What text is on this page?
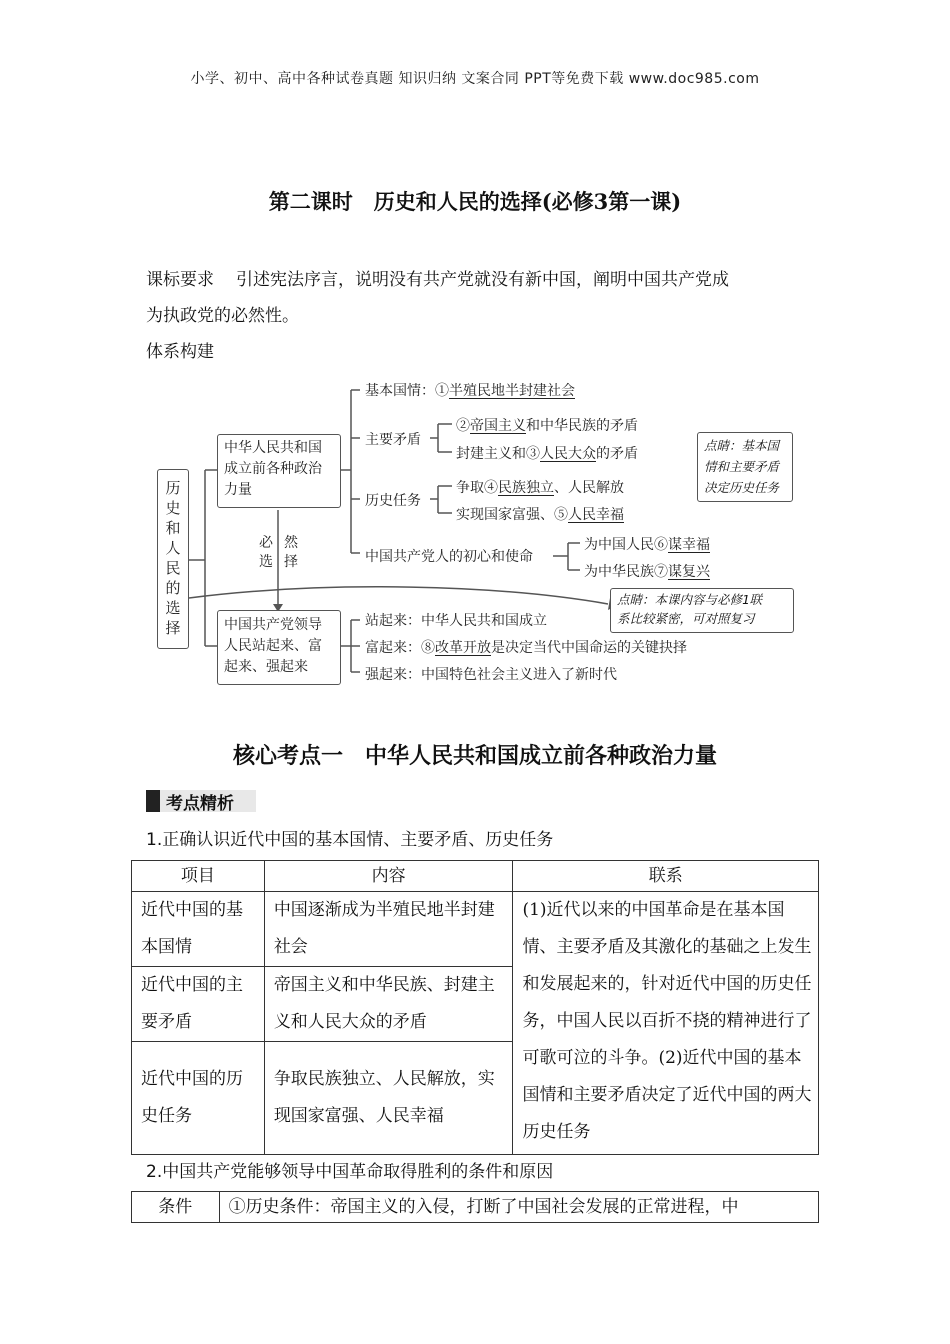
小学、初中、高中各种试卷真题 知识归纳 文案合同 PPT等免费下载 www.doc985.com
第二课时　历史和人民的选择(必修3第一课)
课标要求 引述宪法序言，说明没有共产党就没有新中国，阐明中国共产党成
为执政党的必然性。
体系构建
历
史
和
人
民
的
选
择
中华人民共和国
成立前各种政治
力量
必
选
然
择
中国共产党领导
人民站起来、富
起来、强起来
基本国情：①半殖民地半封建社会
主要矛盾
②帝国主义和中华民族的矛盾
封建主义和③人民大众的矛盾
历史任务
争取④民族独立、人民解放
实现国家富强、⑤人民幸福
中国共产党人的初心和使命
为中国人民⑥谋幸福
为中华民族⑦谋复兴
站起来：中华人民共和国成立
富起来：⑧改革开放是决定当代中国命运的关键抉择
强起来：中国特色社会主义进入了新时代
点睛：基本国
情和主要矛盾
决定历史任务
点睛：本课内容与必修1联
系比较紧密，可对照复习
核心考点一　中华人民共和国成立前各种政治力量
考点精析
1.正确认识近代中国的基本国情、主要矛盾、历史任务
项目	内容	联系
近代中国的基本国情	中国逐渐成为半殖民地半封建社会	(1)近代以来的中国革命是在基本国情、主要矛盾及其激化的基础之上发生和发展起来的，针对近代中国的历史任务，中国人民以百折不挠的精神进行了可歌可泣的斗争。(2)近代中国的基本国情和主要矛盾决定了近代中国的两大历史任务
近代中国的主要矛盾	帝国主义和中华民族、封建主义和人民大众的矛盾	
近代中国的历史任务	争取民族独立、人民解放，实现国家富强、人民幸福	
2.中国共产党能够领导中国革命取得胜利的条件和原因
条件	①历史条件：帝国主义的入侵，打断了中国社会发展的正常进程，中
